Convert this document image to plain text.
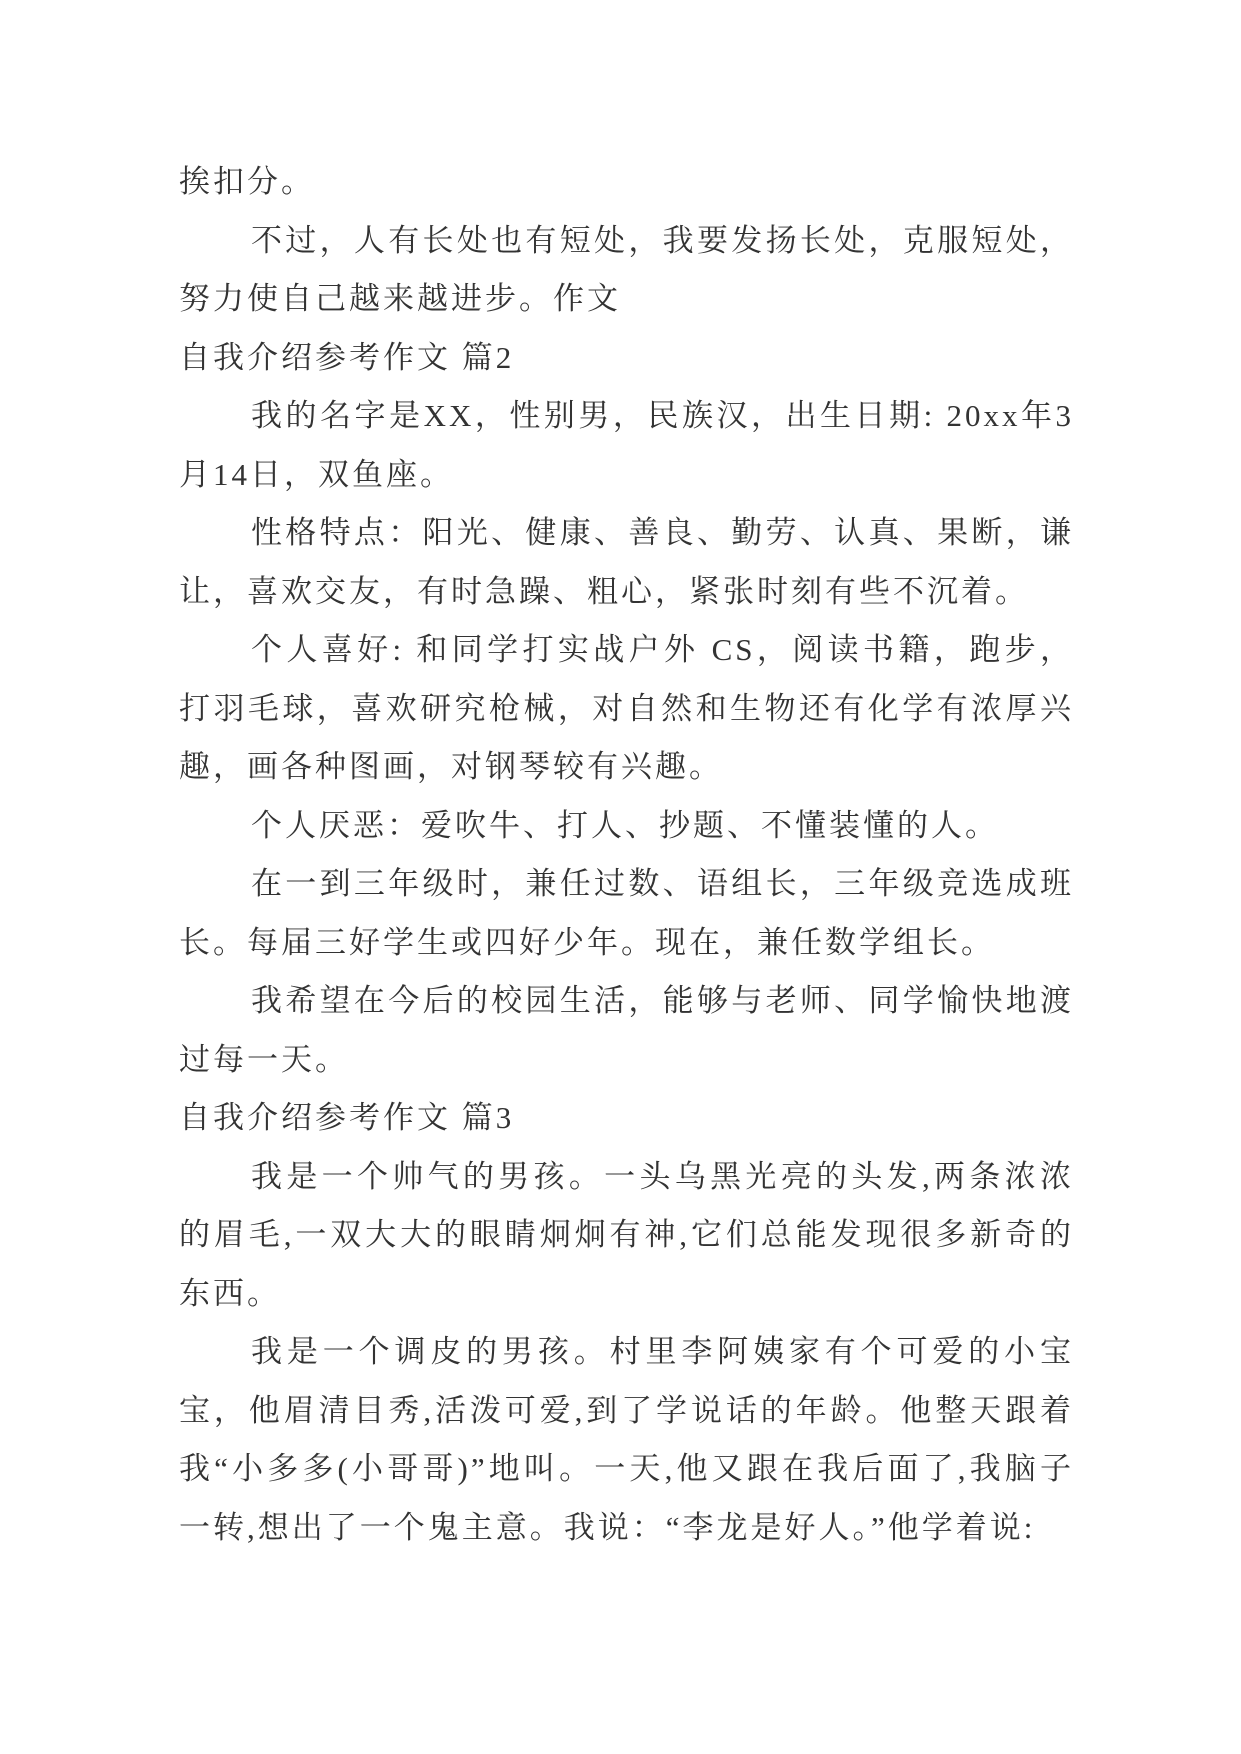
挨扣分。

不过，人有长处也有短处，我要发扬长处，克服短处，努力使自己越来越进步。作文

自我介绍参考作文 篇2

我的名字是XX，性别男，民族汉，出生日期: 20xx年3月14日，双鱼座。

性格特点：阳光、健康、善良、勤劳、认真、果断，谦让，喜欢交友，有时急躁、粗心，紧张时刻有些不沉着。

个人喜好: 和同学打实战户外 CS，阅读书籍，跑步，打羽毛球，喜欢研究枪械，对自然和生物还有化学有浓厚兴趣，画各种图画，对钢琴较有兴趣。

个人厌恶：爱吹牛、打人、抄题、不懂装懂的人。

在一到三年级时，兼任过数、语组长，三年级竞选成班长。每届三好学生或四好少年。现在，兼任数学组长。

我希望在今后的校园生活，能够与老师、同学愉快地渡过每一天。

自我介绍参考作文 篇3

我是一个帅气的男孩。一头乌黑光亮的头发,两条浓浓的眉毛,一双大大的眼睛炯炯有神,它们总能发现很多新奇的东西。

我是一个调皮的男孩。村里李阿姨家有个可爱的小宝宝，他眉清目秀,活泼可爱,到了学说话的年龄。他整天跟着我“小多多(小哥哥)”地叫。一天,他又跟在我后面了,我脑子一转,想出了一个鬼主意。我说：“李龙是好人。”他学着说:
